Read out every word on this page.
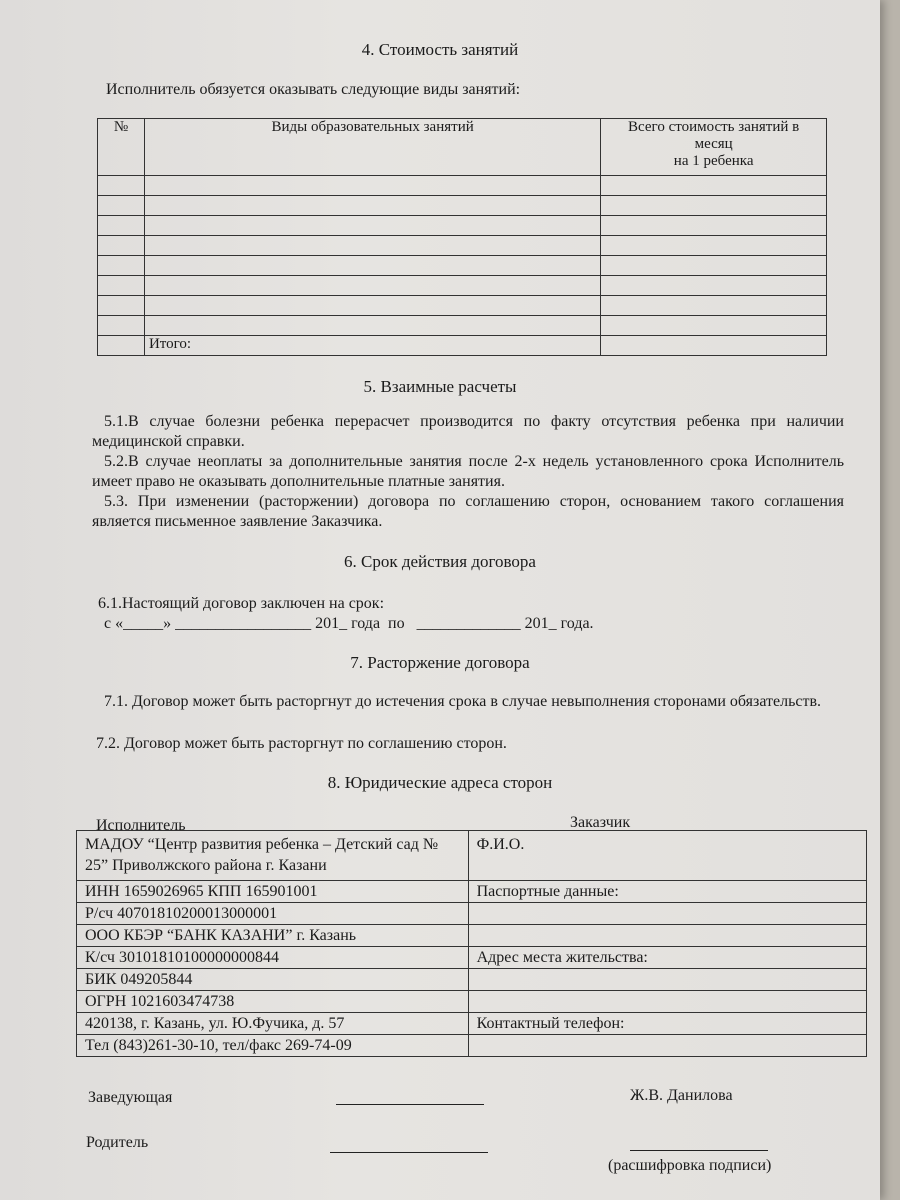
4. Стоимость занятий
Исполнитель обязуется оказывать следующие виды занятий:
№	Виды образовательных занятий	Всего стоимость занятий в
месяц
на 1 ребенка

	Итого:	
5. Взаимные расчеты
5.1.В случае болезни ребенка перерасчет производится по факту отсутствия ребенка при наличии медицинской справки.
5.2.В случае неоплаты за дополнительные занятия после 2-х недель установленного срока Исполнитель имеет право не оказывать дополнительные платные занятия.
5.3. При изменении (расторжении) договора по соглашению сторон, основанием такого соглашения является письменное заявление Заказчика.
6. Срок действия договора
6.1.Настоящий договор заключен на срок:
с «_____» _________________ 201_ года  по   _____________ 201_ года.
7. Расторжение договора
7.1. Договор может быть расторгнут до истечения срока в случае невыполнения сторонами обязательств.
7.2. Договор может быть расторгнут по соглашению сторон.
8. Юридические адреса сторон
Исполнитель	Заказчик
МАДОУ “Центр развития ребенка – Детский сад № 25” Приволжского района г. Казани	Ф.И.О.
ИНН 1659026965 КПП 165901001	Паспортные данные:
Р/сч 40701810200013000001	
ООО КБЭР “БАНК КАЗАНИ” г. Казань	
К/сч 30101810100000000844	Адрес места жительства:
БИК 049205844	
ОГРН 1021603474738	
420138, г. Казань, ул. Ю.Фучика, д. 57	Контактный телефон:
Тел (843)261-30-10, тел/факс 269-74-09	
Заведующая	Ж.В. Данилова
Родитель
(расшифровка подписи)
